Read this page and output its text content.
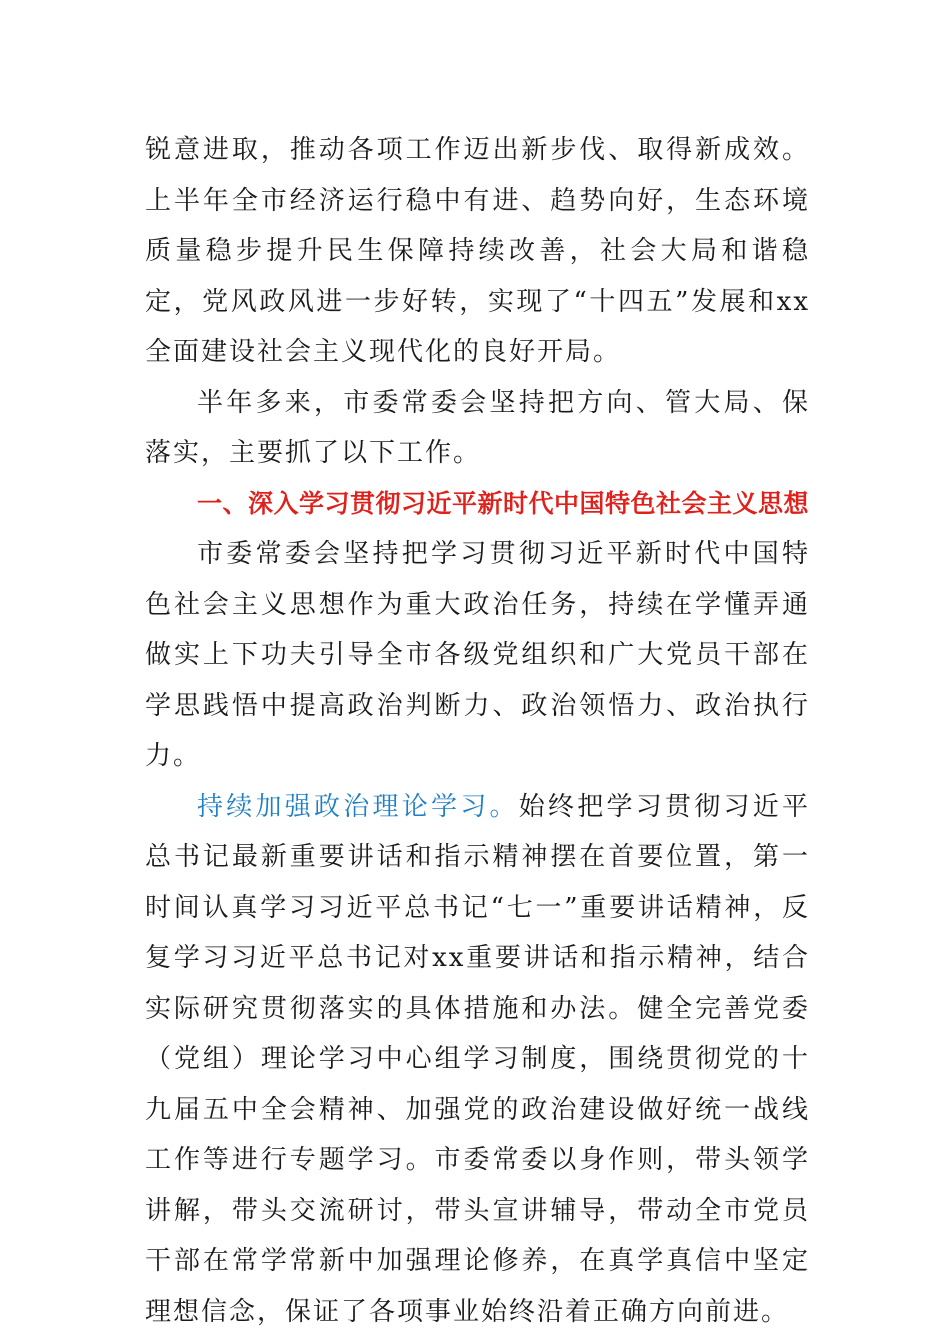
锐意进取，推动各项工作迈出新步伐、取得新成效。上半年全市经济运行稳中有进、趋势向好，生态环境质量稳步提升民生保障持续改善，社会大局和谐稳定，党风政风进一步好转，实现了“十四五”发展和xx全面建设社会主义现代化的良好开局。

半年多来，市委常委会坚持把方向、管大局、保落实，主要抓了以下工作。

一、深入学习贯彻习近平新时代中国特色社会主义思想

市委常委会坚持把学习贯彻习近平新时代中国特色社会主义思想作为重大政治任务，持续在学懂弄通做实上下功夫引导全市各级党组织和广大党员干部在学思践悟中提高政治判断力、政治领悟力、政治执行力。

持续加强政治理论学习。始终把学习贯彻习近平总书记最新重要讲话和指示精神摆在首要位置，第一时间认真学习习近平总书记“七一”重要讲话精神，反复学习习近平总书记对xx重要讲话和指示精神，结合实际研究贯彻落实的具体措施和办法。健全完善党委（党组）理论学习中心组学习制度，围绕贯彻党的十九届五中全会精神、加强党的政治建设做好统一战线工作等进行专题学习。市委常委以身作则，带头领学讲解，带头交流研讨，带头宣讲辅导，带动全市党员干部在常学常新中加强理论修养，在真学真信中坚定理想信念，保证了各项事业始终沿着正确方向前进。
